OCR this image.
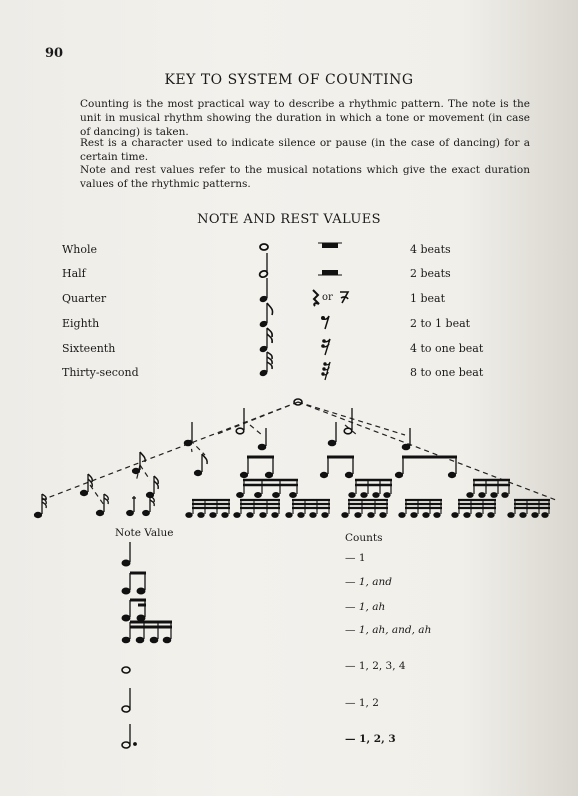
90
KEY TO SYSTEM OF COUNTING
Counting is the most practical way to describe a rhythmic pattern. The note is the unit in musical rhythm showing the duration in which a tone or movement (in case of dancing) is taken.
Rest is a character used to indicate silence or pause (in the case of dancing) for a certain time.
Note and rest values refer to the musical notations which give the exact duration values of the rhythmic patterns.
NOTE AND REST VALUES
Whole	4 beats
Half	2 beats
Quarter	or	1 beat
Eighth	2 to 1 beat
Sixteenth	4 to one beat
Thirty-second	8 to one beat
Note Value	Counts
— 1
— 1, and
— 1, ah
— 1, ah, and, ah
— 1, 2, 3, 4
— 1, 2
— 1, 2, 3
